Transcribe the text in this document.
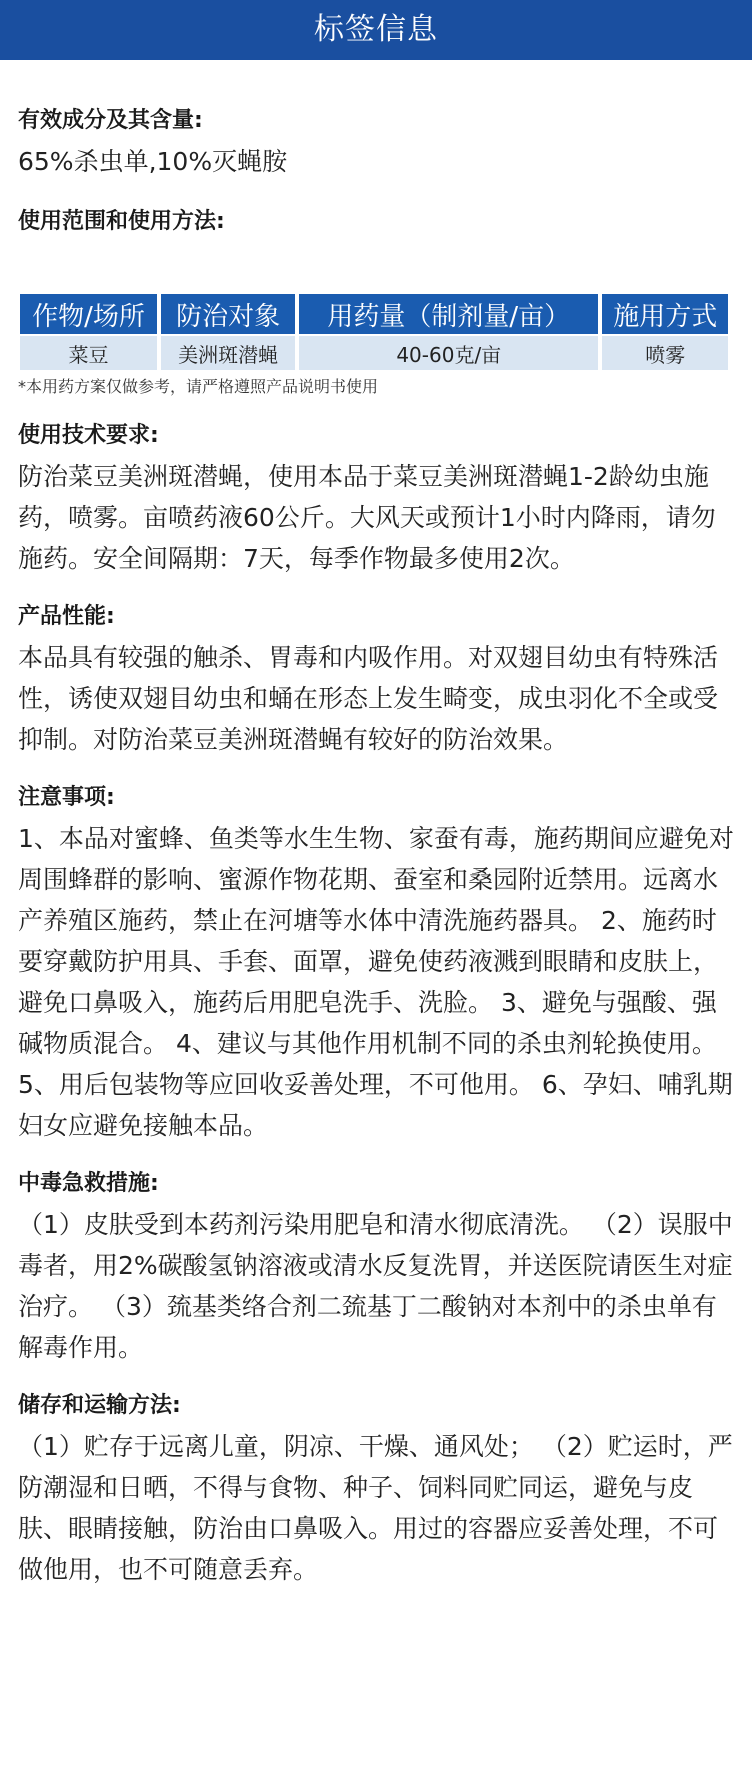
标签信息
有效成分及其含量:
65%杀虫单,10%灭蝇胺
使用范围和使用方法:
作物/场所	防治对象	用药量（制剂量/亩）	施用方式
菜豆	美洲斑潜蝇	40-60克/亩	喷雾
*本用药方案仅做参考，请严格遵照产品说明书使用
使用技术要求:
防治菜豆美洲斑潜蝇，使用本品于菜豆美洲斑潜蝇1-2龄幼虫施药，喷雾。亩喷药液60公斤。大风天或预计1小时内降雨，请勿施药。安全间隔期：7天，每季作物最多使用2次。
产品性能:
本品具有较强的触杀、胃毒和内吸作用。对双翅目幼虫有特殊活性，诱使双翅目幼虫和蛹在形态上发生畸变，成虫羽化不全或受抑制。对防治菜豆美洲斑潜蝇有较好的防治效果。
注意事项:
1、本品对蜜蜂、鱼类等水生生物、家蚕有毒，施药期间应避免对周围蜂群的影响、蜜源作物花期、蚕室和桑园附近禁用。远离水产养殖区施药，禁止在河塘等水体中清洗施药器具。 2、施药时要穿戴防护用具、手套、面罩，避免使药液溅到眼睛和皮肤上，避免口鼻吸入，施药后用肥皂洗手、洗脸。 3、避免与强酸、强碱物质混合。 4、建议与其他作用机制不同的杀虫剂轮换使用。 5、用后包装物等应回收妥善处理，不可他用。 6、孕妇、哺乳期妇女应避免接触本品。
中毒急救措施:
（1）皮肤受到本药剂污染用肥皂和清水彻底清洗。 （2）误服中毒者，用2%碳酸氢钠溶液或清水反复洗胃，并送医院请医生对症治疗。 （3）巯基类络合剂二巯基丁二酸钠对本剂中的杀虫单有解毒作用。
储存和运输方法:
（1）贮存于远离儿童，阴凉、干燥、通风处； （2）贮运时，严防潮湿和日晒，不得与食物、种子、饲料同贮同运，避免与皮肤、眼睛接触，防治由口鼻吸入。用过的容器应妥善处理，不可做他用，也不可随意丢弃。
